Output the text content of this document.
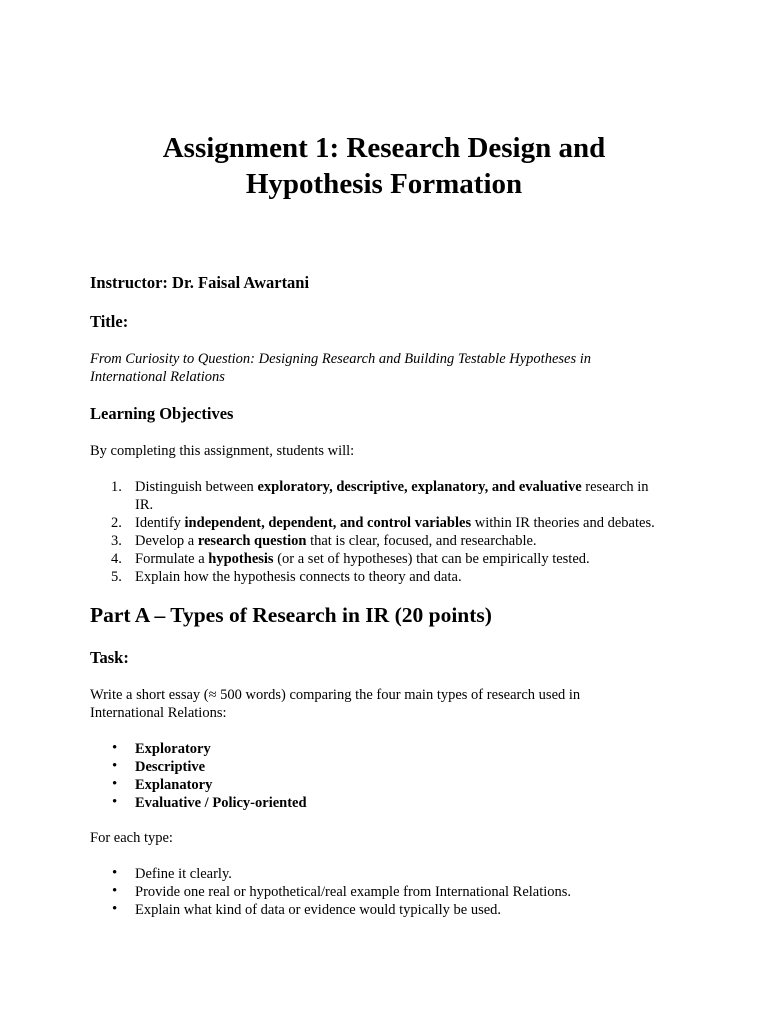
Assignment 1: Research Design and
Hypothesis Formation
Instructor: Dr. Faisal Awartani
Title:
From Curiosity to Question: Designing Research and Building Testable Hypotheses in
International Relations
Learning Objectives
By completing this assignment, students will:
1. Distinguish between exploratory, descriptive, explanatory, and evaluative research in
IR.
2. Identify independent, dependent, and control variables within IR theories and debates.
3. Develop a research question that is clear, focused, and researchable.
4. Formulate a hypothesis (or a set of hypotheses) that can be empirically tested.
5. Explain how the hypothesis connects to theory and data.
Part A – Types of Research in IR (20 points)
Task:
Write a short essay (≈ 500 words) comparing the four main types of research used in
International Relations:
• Exploratory
• Descriptive
• Explanatory
• Evaluative / Policy-oriented
For each type:
• Define it clearly.
• Provide one real or hypothetical/real example from International Relations.
• Explain what kind of data or evidence would typically be used.
